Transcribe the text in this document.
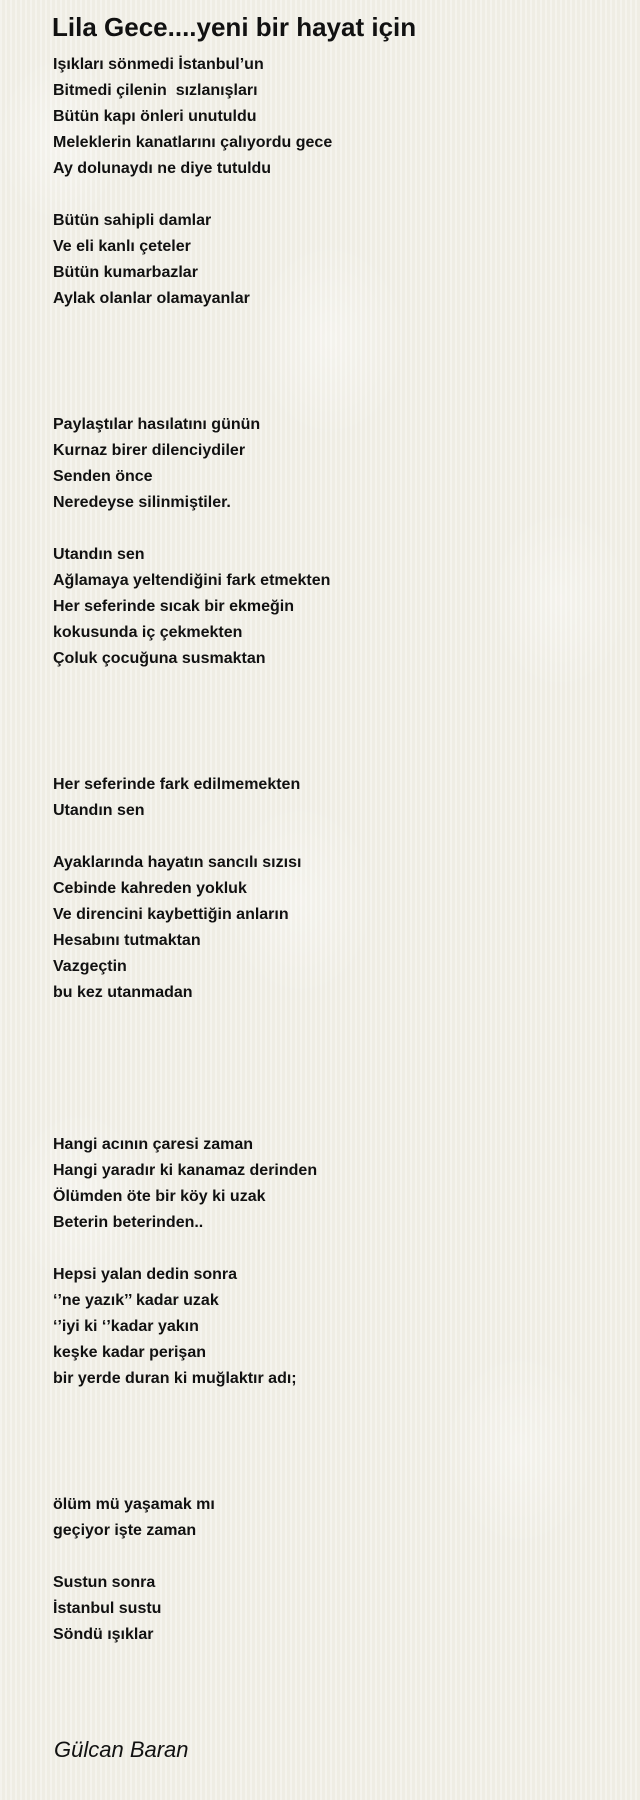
Lila Gece....yeni bir hayat için
Işıkları sönmedi İstanbul’un
Bitmedi çilenin  sızlanışları
Bütün kapı önleri unutuldu
Meleklerin kanatlarını çalıyordu gece
Ay dolunaydı ne diye tutuldu
Bütün sahipli damlar
Ve eli kanlı çeteler
Bütün kumarbazlar
Aylak olanlar olamayanlar
Paylaştılar hasılatını günün
Kurnaz birer dilenciydiler
Senden önce
Neredeyse silinmiştiler.
Utandın sen
Ağlamaya yeltendiğini fark etmekten
Her seferinde sıcak bir ekmeğin
kokusunda iç çekmekten
Çoluk çocuğuna susmaktan
Her seferinde fark edilmemekten
Utandın sen
Ayaklarında hayatın sancılı sızısı
Cebinde kahreden yokluk
Ve direncini kaybettiğin anların
Hesabını tutmaktan
Vazgeçtin
bu kez utanmadan
Hangi acının çaresi zaman
Hangi yaradır ki kanamaz derinden
Ölümden öte bir köy ki uzak
Beterin beterinden..
Hepsi yalan dedin sonra
‘’ne yazık’’ kadar uzak
‘’iyi ki ‘’kadar yakın
keşke kadar perişan
bir yerde duran ki muğlaktır adı;
ölüm mü yaşamak mı
geçiyor işte zaman
Sustun sonra
İstanbul sustu
Söndü ışıklar
Gülcan Baran
